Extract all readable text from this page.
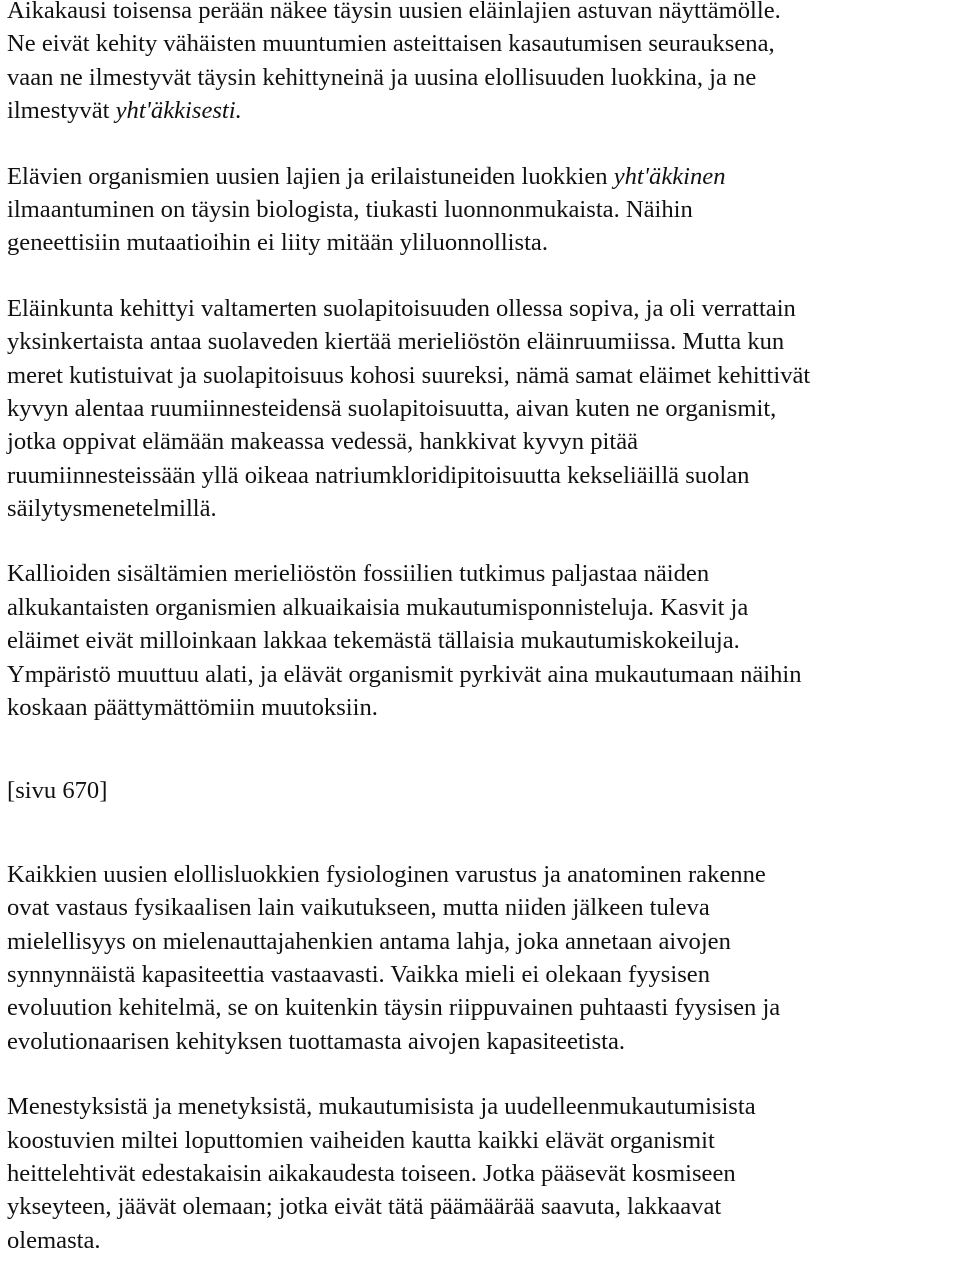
Aikakausi toisensa perään näkee täysin uusien eläinlajien astuvan näyttämölle.
Ne eivät kehity vähäisten muuntumien asteittaisen kasautumisen seurauksena,
vaan ne ilmestyvät täysin kehittyneinä ja uusina elollisuuden luokkina, ja ne
ilmestyvät yht'äkkisesti.
Elävien organismien uusien lajien ja erilaistuneiden luokkien yht'äkkinen
ilmaantuminen on täysin biologista, tiukasti luonnonmukaista. Näihin
geneettisiin mutaatioihin ei liity mitään yliluonnollista.
Eläinkunta kehittyi valtamerten suolapitoisuuden ollessa sopiva, ja oli verrattain
yksinkertaista antaa suolaveden kiertää merieliöstön eläinruumiissa. Mutta kun
meret kutistuivat ja suolapitoisuus kohosi suureksi, nämä samat eläimet kehittivät
kyvyn alentaa ruumiinnesteidensä suolapitoisuutta, aivan kuten ne organismit,
jotka oppivat elämään makeassa vedessä, hankkivat kyvyn pitää
ruumiinnesteissään yllä oikeaa natriumkloridipitoisuutta kekseliäillä suolan
säilytysmenetelmillä.
Kallioiden sisältämien merieliöstön fossiilien tutkimus paljastaa näiden
alkukantaisten organismien alkuaikaisia mukautumisponnisteluja. Kasvit ja
eläimet eivät milloinkaan lakkaa tekemästä tällaisia mukautumiskokeiluja.
Ympäristö muuttuu alati, ja elävät organismit pyrkivät aina mukautumaan näihin
koskaan päättymättömiin muutoksiin.
[sivu 670]
Kaikkien uusien elollisluokkien fysiologinen varustus ja anatominen rakenne
ovat vastaus fysikaalisen lain vaikutukseen, mutta niiden jälkeen tuleva
mielellisyys on mielenauttajahenkien antama lahja, joka annetaan aivojen
synnynnäistä kapasiteettia vastaavasti. Vaikka mieli ei olekaan fyysisen
evoluution kehitelmä, se on kuitenkin täysin riippuvainen puhtaasti fyysisen ja
evolutionaarisen kehityksen tuottamasta aivojen kapasiteetista.
Menestyksistä ja menetyksistä, mukautumisista ja uudelleenmukautumisista
koostuvien miltei loputtomien vaiheiden kautta kaikki elävät organismit
heittelehtivät edestakaisin aikakaudesta toiseen. Jotka pääsevät kosmiseen
ykseyteen, jäävät olemaan; jotka eivät tätä päämäärää saavuta, lakkaavat
olemasta.
